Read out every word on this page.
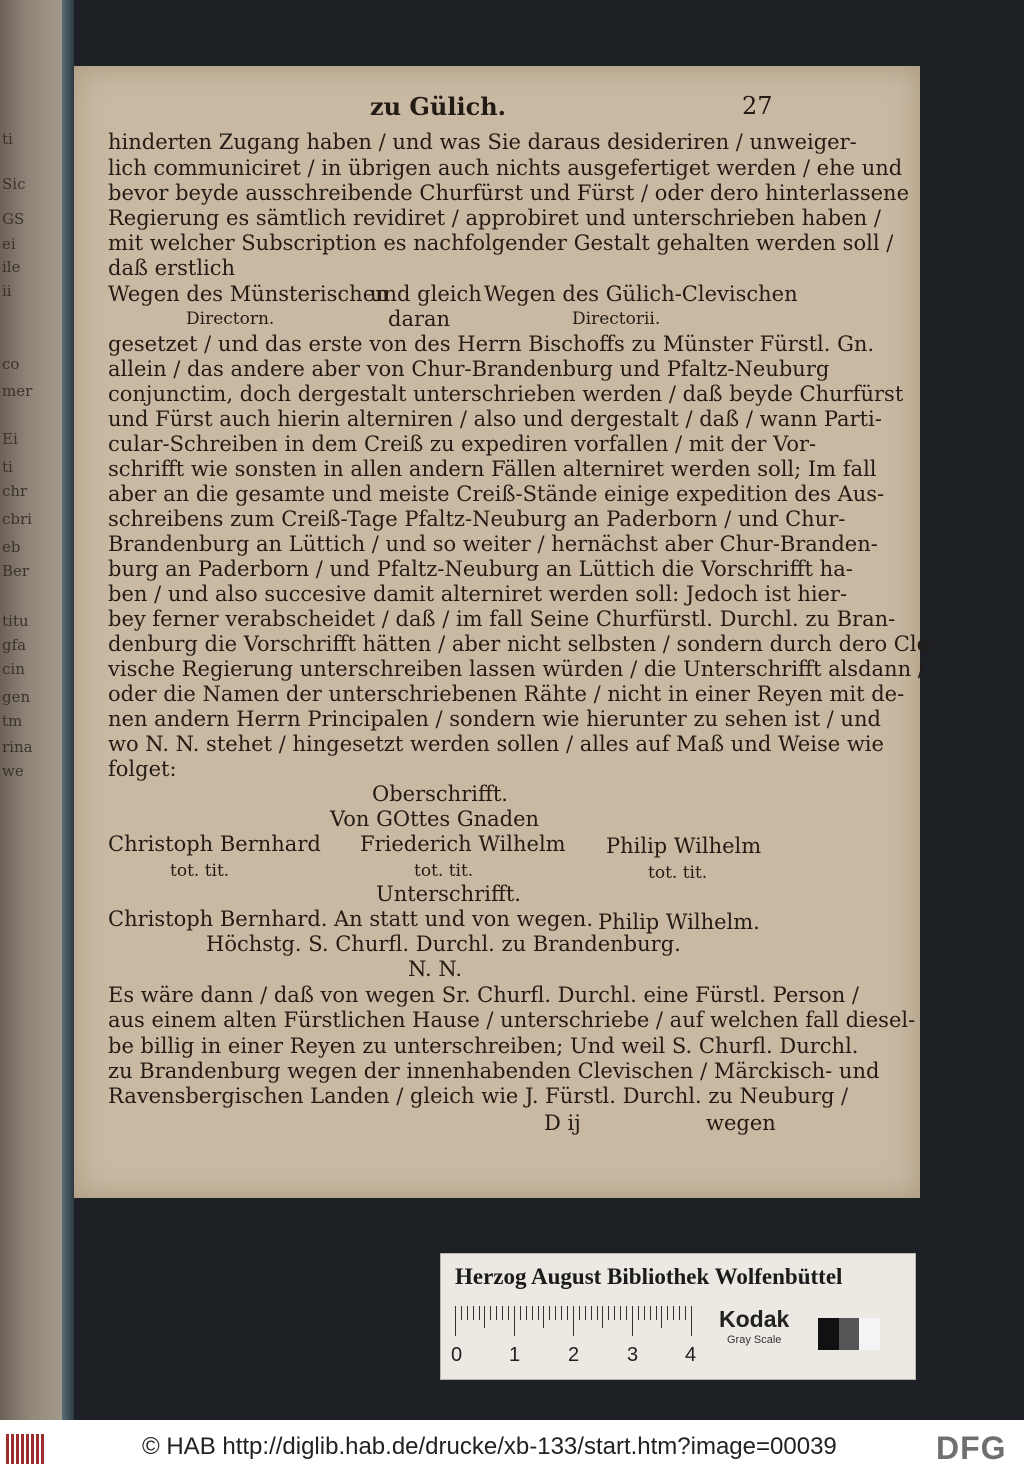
ti
Sic
GS
ei
ile
ii
co
mer
Ei
ti
chr
cbri
eb
Ber
titu
gfa
cin
gen
tm
rina
we
zu Gülich.	27
hinderten Zugang haben / und was Sie daraus desideriren / unweiger-
lich communiciret / in übrigen auch nichts ausgefertiget werden / ehe und
bevor beyde ausschreibende Churfürst und Fürst / oder dero hinterlassene
Regierung es sämtlich revidiret / approbiret und unterschrieben haben /
mit welcher Subscription es nachfolgender Gestalt gehalten werden soll /
daß erstlich
Wegen des Münsterischen
und gleich Wegen des Gülich-Clevischen
Directorn.	daran	Directorii.
gesetzet / und das erste von des Herrn Bischoffs zu Münster Fürstl. Gn.
allein / das andere aber von Chur-Brandenburg und Pfaltz-Neuburg
conjunctim, doch dergestalt unterschrieben werden / daß beyde Churfürst
und Fürst auch hierin alterniren / also und dergestalt / daß / wann Parti-
cular-Schreiben in dem Creiß zu expediren vorfallen / mit der Vor-
schrifft wie sonsten in allen andern Fällen alterniret werden soll; Im fall
aber an die gesamte und meiste Creiß-Stände einige expedition des Aus-
schreibens zum Creiß-Tage Pfaltz-Neuburg an Paderborn / und Chur-
Brandenburg an Lüttich / und so weiter / hernächst aber Chur-Branden-
burg an Paderborn / und Pfaltz-Neuburg an Lüttich die Vorschrifft ha-
ben / und also succesive damit alterniret werden soll: Jedoch ist hier-
bey ferner verabscheidet / daß / im fall Seine Churfürstl. Durchl. zu Bran-
denburg die Vorschrifft hätten / aber nicht selbsten / sondern durch dero Cle-
vische Regierung unterschreiben lassen würden / die Unterschrifft alsdann /
oder die Namen der unterschriebenen Rähte / nicht in einer Reyen mit de-
nen andern Herrn Principalen / sondern wie hierunter zu sehen ist / und
wo N. N. stehet / hingesetzt werden sollen / alles auf Maß und Weise wie
folget:
Oberschrifft.
Von GOttes Gnaden
Christoph Bernhard Friederich Wilhelm Philip Wilhelm
tot. tit.	tot. tit.	tot. tit.
Unterschrifft.
Christoph Bernhard. An statt und von wegen. Philip Wilhelm.
Höchstg. S. Churfl. Durchl. zu Brandenburg.
N. N.
Es wäre dann / daß von wegen Sr. Churfl. Durchl. eine Fürstl. Person /
aus einem alten Fürstlichen Hause / unterschriebe / auf welchen fall diesel-
be billig in einer Reyen zu unterschreiben; Und weil S. Churfl. Durchl.
zu Brandenburg wegen der innenhabenden Clevischen / Märckisch- und
Ravensbergischen Landen / gleich wie J. Fürstl. Durchl. zu Neuburg /
D ij	wegen
Herzog August Bibliothek Wolfenbüttel
0 1 2 3 4
Kodak
Gray Scale
© HAB http://diglib.hab.de/drucke/xb-133/start.htm?image=00039	DFG
